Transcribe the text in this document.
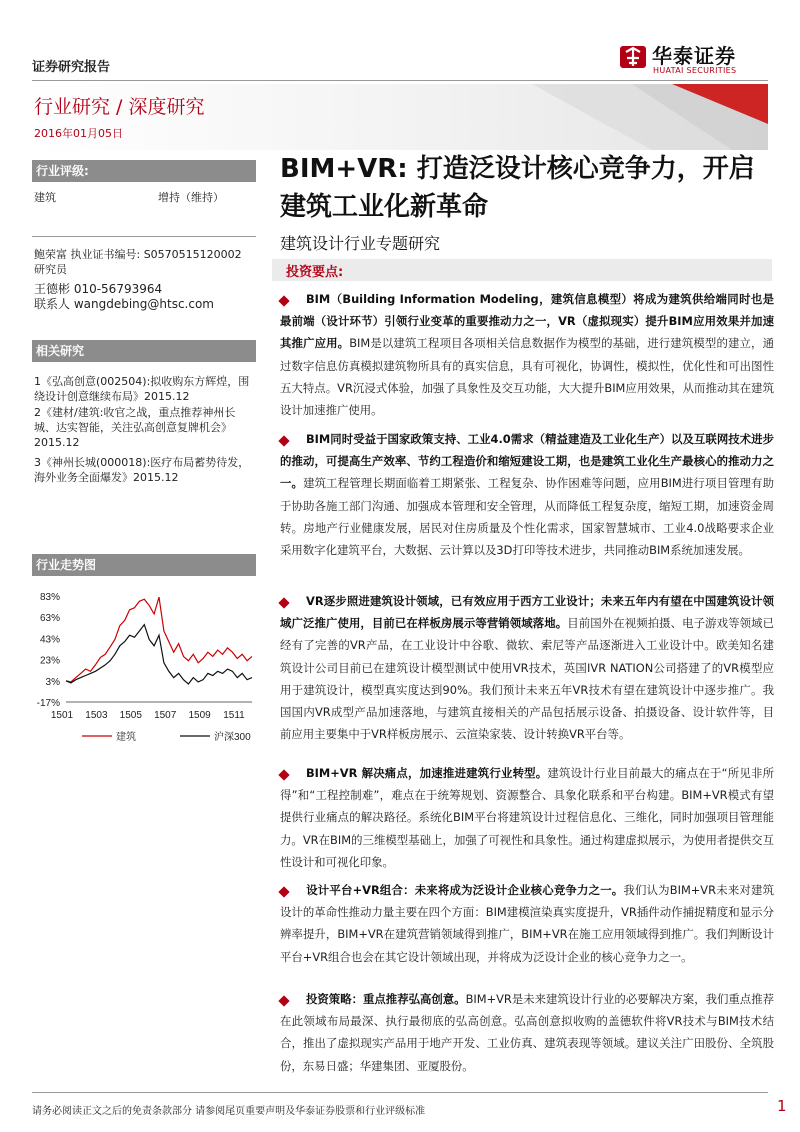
证券研究报告	华泰证券
HUATAI SECURITIES
行业研究 / 深度研究
2016年01月05日
行业评级:
建筑	增持（维持）
鲍荣富 执业证书编号: S0570515120002
研究员
王德彬 010-56793964
联系人 wangdebing@htsc.com
相关研究
1《弘高创意(002504):拟收购东方辉煌，围绕设计创意继续布局》2015.12
2《建材/建筑:收官之战，重点推荐神州长城、达实智能，关注弘高创意复牌机会》2015.12
3《神州长城(000018):医疗布局蓄势待发，海外业务全面爆发》2015.12
行业走势图
83%
63%
43%
23%
3%
-17%
1501 1503 1505 1507 1509 1511
建筑	沪深300
BIM+VR: 打造泛设计核心竞争力，开启
建筑工业化新革命
建筑设计行业专题研究
投资要点:
BIM（Building Information Modeling，建筑信息模型）将成为建筑供给端同时也是最前端（设计环节）引领行业变革的重要推动力之一，VR（虚拟现实）提升BIM应用效果并加速其推广应用。BIM是以建筑工程项目各项相关信息数据作为模型的基础，进行建筑模型的建立，通过数字信息仿真模拟建筑物所具有的真实信息，具有可视化，协调性，模拟性，优化性和可出图性五大特点。VR沉浸式体验，加强了具象性及交互功能，大大提升BIM应用效果，从而推动其在建筑设计加速推广使用。
BIM同时受益于国家政策支持、工业4.0需求（精益建造及工业化生产）以及互联网技术进步的推动，可提高生产效率、节约工程造价和缩短建设工期，也是建筑工业化生产最核心的推动力之一。建筑工程管理长期面临着工期紧张、工程复杂、协作困难等问题，应用BIM进行项目管理有助于协助各施工部门沟通、加强成本管理和安全管理，从而降低工程复杂度，缩短工期，加速资金周转。房地产行业健康发展，居民对住房质量及个性化需求，国家智慧城市、工业4.0战略要求企业采用数字化建筑平台，大数据、云计算以及3D打印等技术进步，共同推动BIM系统加速发展。
VR逐步照进建筑设计领域，已有效应用于西方工业设计；未来五年内有望在中国建筑设计领域广泛推广使用，目前已在样板房展示等营销领域落地。目前国外在视频拍摄、电子游戏等领域已经有了完善的VR产品，在工业设计中谷歌、微软、索尼等产品逐渐进入工业设计中。欧美知名建筑设计公司目前已在建筑设计模型测试中使用VR技术，英国IVR NATION公司搭建了的VR模型应用于建筑设计，模型真实度达到90%。我们预计未来五年VR技术有望在建筑设计中逐步推广。我国国内VR成型产品加速落地，与建筑直接相关的产品包括展示设备、拍摄设备、设计软件等，目前应用主要集中于VR样板房展示、云渲染家装、设计转换VR平台等。
BIM+VR 解决痛点，加速推进建筑行业转型。建筑设计行业目前最大的痛点在于“所见非所得”和“工程控制难”，难点在于统筹规划、资源整合、具象化联系和平台构建。BIM+VR模式有望提供行业痛点的解决路径。系统化BIM平台将建筑设计过程信息化、三维化，同时加强项目管理能力。VR在BIM的三维模型基础上，加强了可视性和具象性。通过构建虚拟展示，为使用者提供交互性设计和可视化印象。
设计平台+VR组合：未来将成为泛设计企业核心竞争力之一。我们认为BIM+VR未来对建筑设计的革命性推动力量主要在四个方面：BIM建模渲染真实度提升，VR插件动作捕捉精度和显示分辨率提升，BIM+VR在建筑营销领域得到推广，BIM+VR在施工应用领域得到推广。我们判断设计平台+VR组合也会在其它设计领域出现，并将成为泛设计企业的核心竞争力之一。
投资策略：重点推荐弘高创意。BIM+VR是未来建筑设计行业的必要解决方案，我们重点推荐在此领域布局最深、执行最彻底的弘高创意。弘高创意拟收购的盖德软件将VR技术与BIM技术结合，推出了虚拟现实产品用于地产开发、工业仿真、建筑表现等领域。建议关注广田股份、全筑股份，东易日盛；华建集团、亚厦股份。
请务必阅读正文之后的免责条款部分 请参阅尾页重要声明及华泰证券股票和行业评级标准	1
